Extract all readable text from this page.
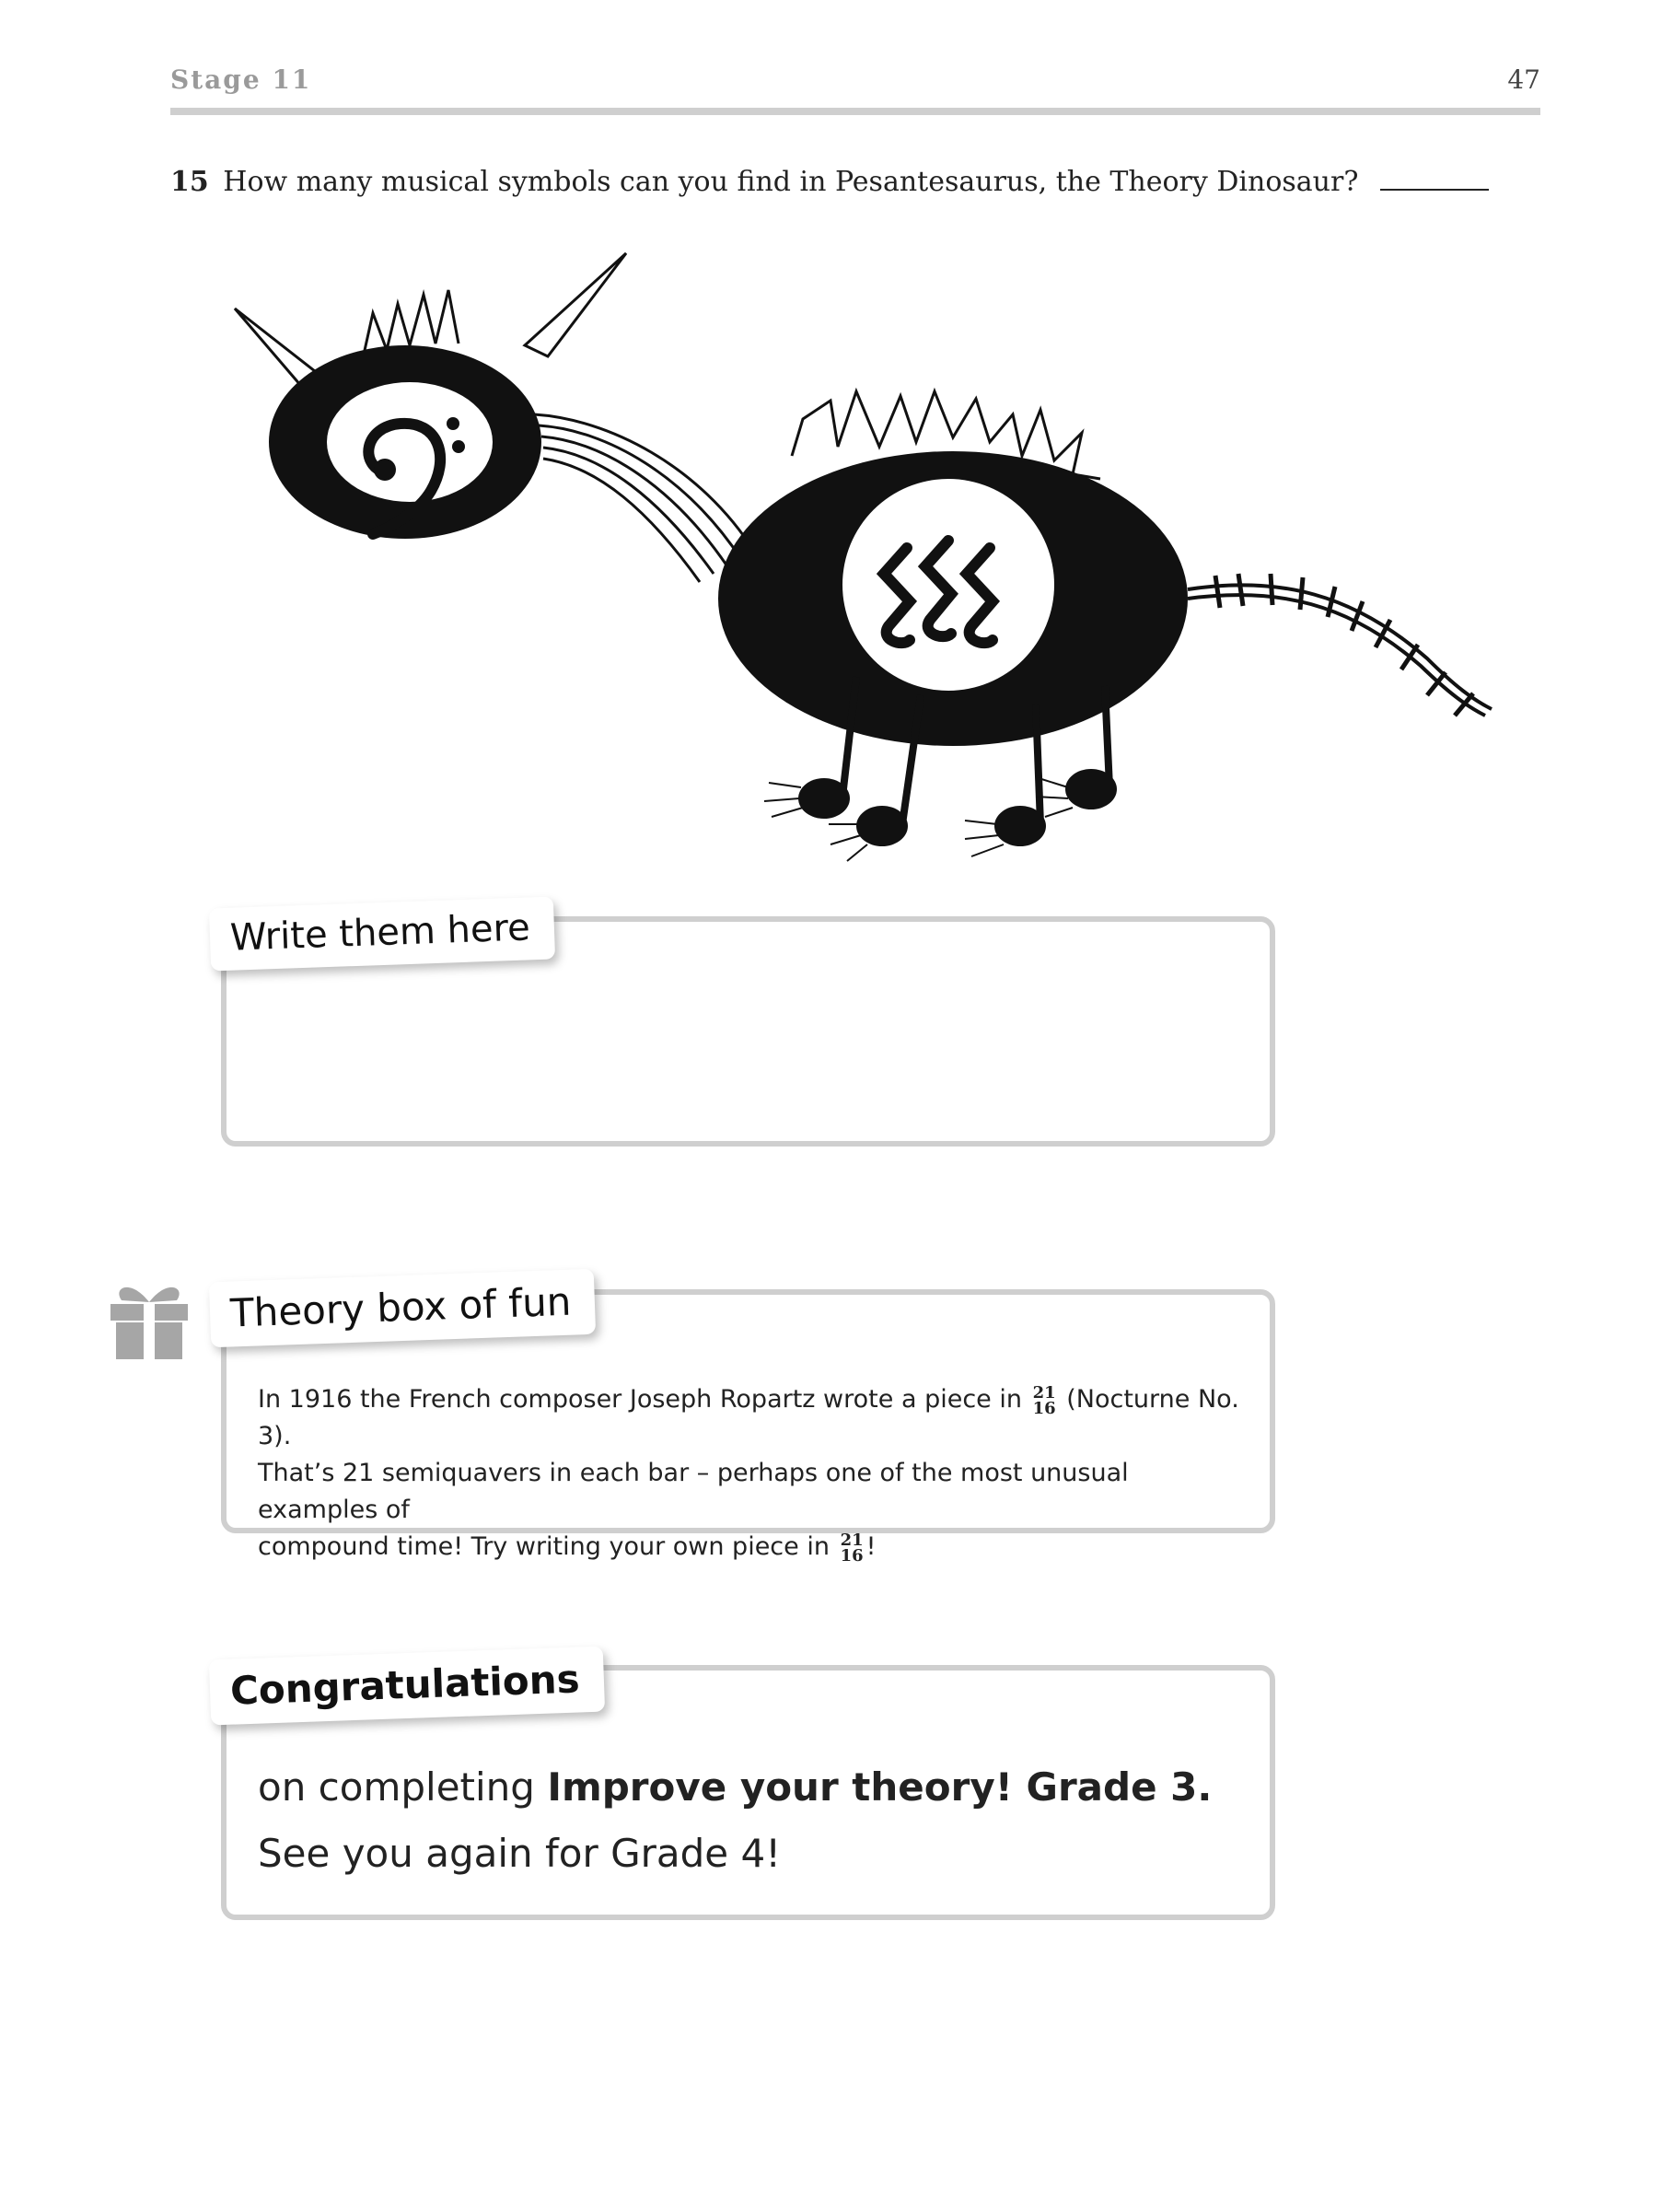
Stage 11	47
15 How many musical symbols can you find in Pesantesaurus, the Theory Dinosaur?
Write them here
Theory box of fun
In 1916 the French composer Joseph Ropartz wrote a piece in 21
16 (Nocturne No. 3).
That’s 21 semiquavers in each bar – perhaps one of the most unusual examples of
compound time! Try writing your own piece in 21
16 !
Congratulations
on completing Improve your theory! Grade 3.
See you again for Grade 4!
